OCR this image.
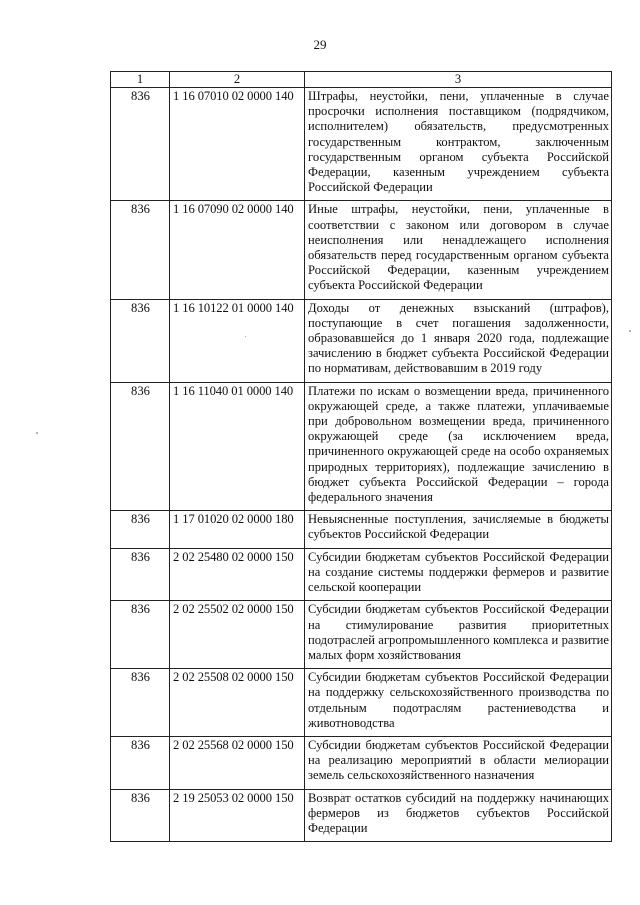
29
1	2	3
836	1 16 07010 02 0000 140	Штрафы, неустойки, пени, уплаченные в случае просрочки исполнения поставщиком (подрядчиком, исполнителем) обязательств, предусмотренных государственным контрактом, заключенным государственным органом субъекта Российской Федерации, казенным учреждением субъекта Российской Федерации
836	1 16 07090 02 0000 140	Иные штрафы, неустойки, пени, уплаченные в соответствии с законом или договором в случае неисполнения или ненадлежащего исполнения обязательств перед государственным органом субъекта Российской Федерации, казенным учреждением субъекта Российской Федерации
836	1 16 10122 01 0000 140	Доходы от денежных взысканий (штрафов), поступающие в счет погашения задолженности, образовавшейся до 1 января 2020 года, подлежащие зачислению в бюджет субъекта Российской Федерации по нормативам, действовавшим в 2019 году
836	1 16 11040 01 0000 140	Платежи по искам о возмещении вреда, причиненного окружающей среде, а также платежи, уплачиваемые при добровольном возмещении вреда, причиненного окружающей среде (за исключением вреда, причиненного окружающей среде на особо охраняемых природных территориях), подлежащие зачислению в бюджет субъекта Российской Федерации – города федерального значения
836	1 17 01020 02 0000 180	Невыясненные поступления, зачисляемые в бюджеты субъектов Российской Федерации
836	2 02 25480 02 0000 150	Субсидии бюджетам субъектов Российской Федерации на создание системы поддержки фермеров и развитие сельской кооперации
836	2 02 25502 02 0000 150	Субсидии бюджетам субъектов Российской Федерации на стимулирование развития приоритетных подотраслей агропромышленного комплекса и развитие малых форм хозяйствования
836	2 02 25508 02 0000 150	Субсидии бюджетам субъектов Российской Федерации на поддержку сельскохозяйственного производства по отдельным подотраслям растениеводства и животноводства
836	2 02 25568 02 0000 150	Субсидии бюджетам субъектов Российской Федерации на реализацию мероприятий в области мелиорации земель сельскохозяйственного назначения
836	2 19 25053 02 0000 150	Возврат остатков субсидий на поддержку начинающих фермеров из бюджетов субъектов Российской Федерации
